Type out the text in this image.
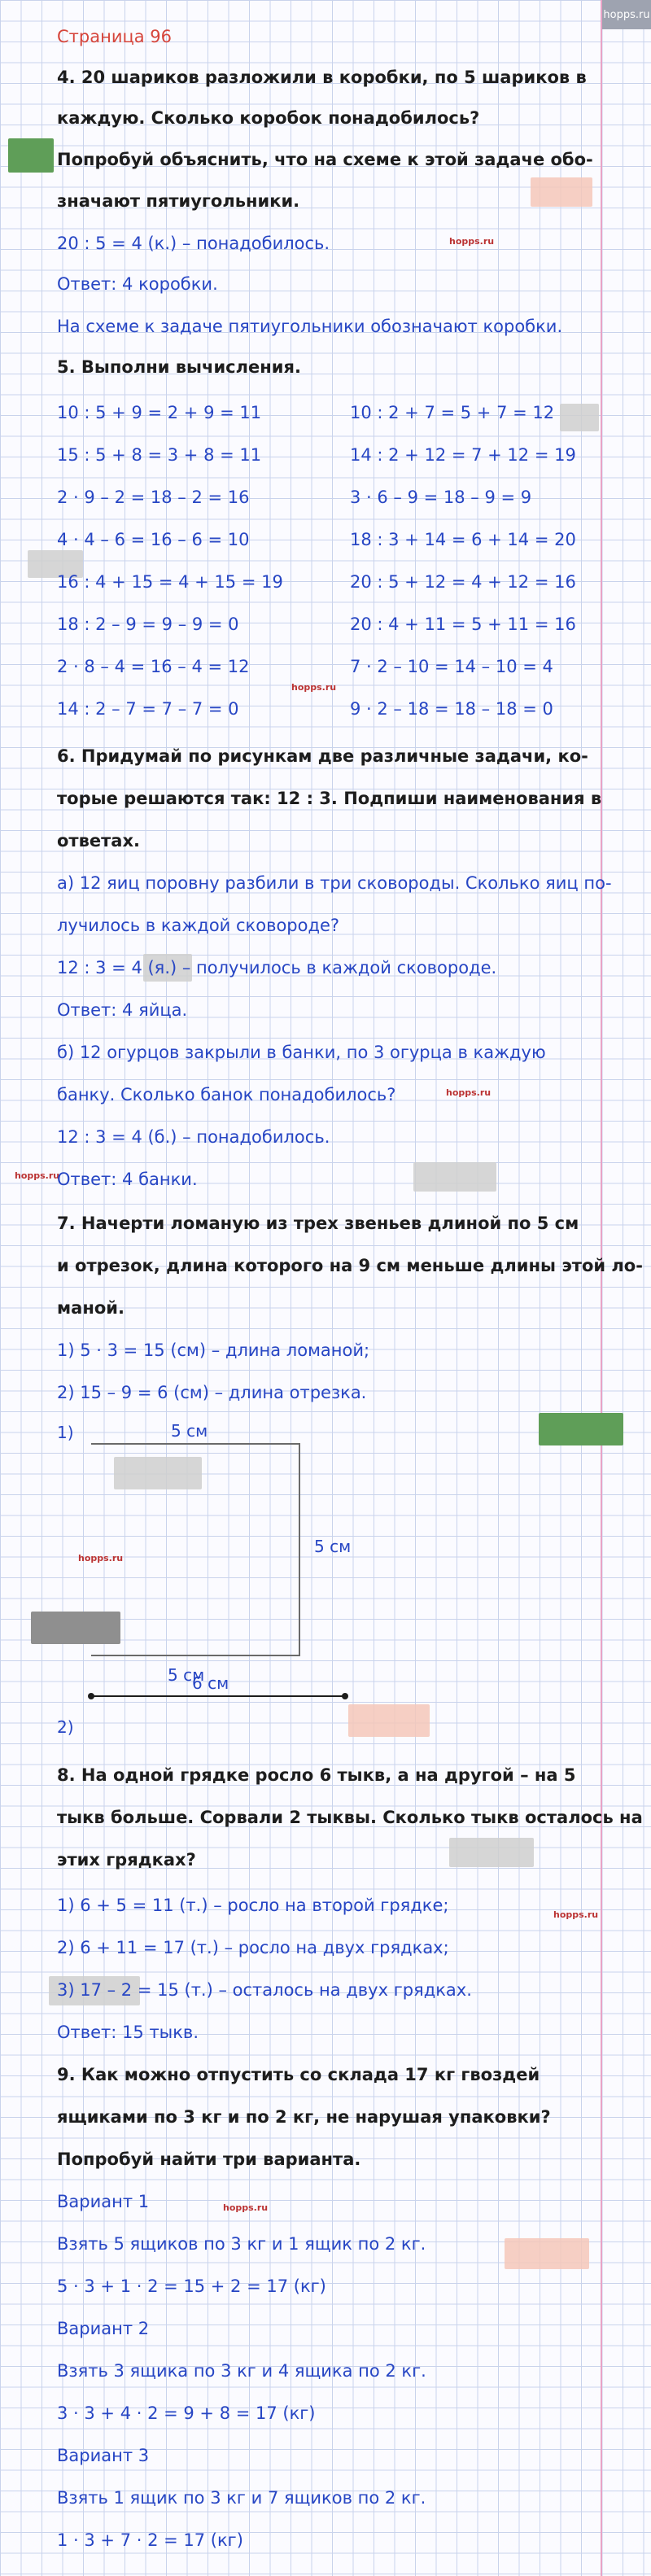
hopps.ru
Страница 96
4. 20 шариков разложили в коробки, по 5 шариков в
каждую. Сколько коробок понадобилось?
Попробуй объяснить, что на схеме к этой задаче обо-
значают пятиугольники.
hopps.ru
20 : 5 = 4 (к.) – понадобилось.
Ответ: 4 коробки.
На схеме к задаче пятиугольники обозначают коробки.
5. Выполни вычисления.
10 : 5 + 9 = 2 + 9 = 11	10 : 2 + 7 = 5 + 7 = 12
15 : 5 + 8 = 3 + 8 = 11	14 : 2 + 12 = 7 + 12 = 19
2 · 9 – 2 = 18 – 2 = 16	3 · 6 – 9 = 18 – 9 = 9
4 · 4 – 6 = 16 – 6 = 10	18 : 3 + 14 = 6 + 14 = 20
16 : 4 + 15 = 4 + 15 = 19	20 : 5 + 12 = 4 + 12 = 16
18 : 2 – 9 = 9 – 9 = 0	20 : 4 + 11 = 5 + 11 = 16
2 · 8 – 4 = 16 – 4 = 12	7 · 2 – 10 = 14 – 10 = 4
hopps.ru
14 : 2 – 7 = 7 – 7 = 0	9 · 2 – 18 = 18 – 18 = 0
6. Придумай по рисункам две различные задачи, ко-
торые решаются так: 12 : 3. Подпиши наименования в
ответах.
а) 12 яиц поровну разбили в три сковороды. Сколько яиц по-
лучилось в каждой сковороде?
12 : 3 = 4 (я.) – получилось в каждой сковороде.
Ответ: 4 яйца.
б) 12 огурцов закрыли в банки, по 3 огурца в каждую
hopps.ru
банку. Сколько банок понадобилось?
12 : 3 = 4 (б.) – понадобилось.
hopps.ru
Ответ: 4 банки.
7. Начерти ломаную из трех звеньев длиной по 5 см
и отрезок, длина которого на 9 см меньше длины этой ло-
маной.
1) 5 · 3 = 15 (см) – длина ломаной;
2) 15 – 9 = 6 (см) – длина отрезка.
1)	5 см
5 см
5 см
hopps.ru
2)
6 см
8. На одной грядке росло 6 тыкв, а на другой – на 5
тыкв больше. Сорвали 2 тыквы. Сколько тыкв осталось на
этих грядках?
hopps.ru
1) 6 + 5 = 11 (т.) – росло на второй грядке;
2) 6 + 11 = 17 (т.) – росло на двух грядках;
3) 17 – 2 = 15 (т.) – осталось на двух грядках.
Ответ: 15 тыкв.
9. Как можно отпустить со склада 17 кг гвоздей
ящиками по 3 кг и по 2 кг, не нарушая упаковки?
Попробуй найти три варианта.
Вариант 1	hopps.ru
Взять 5 ящиков по 3 кг и 1 ящик по 2 кг.
5 · 3 + 1 · 2 = 15 + 2 = 17 (кг)
Вариант 2
Взять 3 ящика по 3 кг и 4 ящика по 2 кг.
3 · 3 + 4 · 2 = 9 + 8 = 17 (кг)
Вариант 3
Взять 1 ящик по 3 кг и 7 ящиков по 2 кг.
1 · 3 + 7 · 2 = 17 (кг)
